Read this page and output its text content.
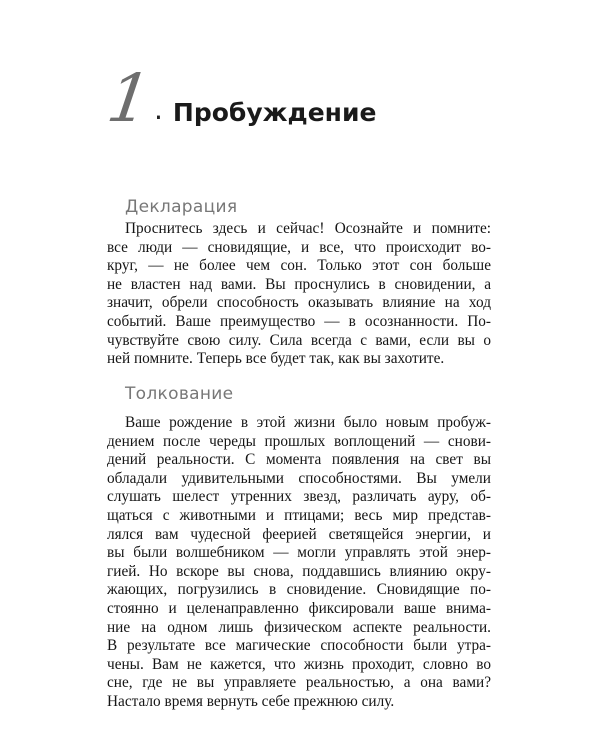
1
. Пробуждение
Декларация
Проснитесь здесь и сейчас! Осознайте и помните:
все люди — сновидящие, и все, что происходит во-
круг, — не более чем сон. Только этот сон больше
не властен над вами. Вы проснулись в сновидении, а
значит, обрели способность оказывать влияние на ход
событий. Ваше преимущество — в осознанности. По-
чувствуйте свою силу. Сила всегда с вами, если вы о
ней помните. Теперь все будет так, как вы захотите.
Толкование
Ваше рождение в этой жизни было новым пробуж-
дением после череды прошлых воплощений — снови-
дений реальности. С момента появления на свет вы
обладали удивительными способностями. Вы умели
слушать шелест утренних звезд, различать ауру, об-
щаться с животными и птицами; весь мир представ-
лялся вам чудесной феерией светящейся энергии, и
вы были волшебником — могли управлять этой энер-
гией. Но вскоре вы снова, поддавшись влиянию окру-
жающих, погрузились в сновидение. Сновидящие по-
стоянно и целенаправленно фиксировали ваше внима-
ние на одном лишь физическом аспекте реальности.
В результате все магические способности были утра-
чены. Вам не кажется, что жизнь проходит, словно во
сне, где не вы управляете реальностью, а она вами?
Настало время вернуть себе прежнюю силу.
